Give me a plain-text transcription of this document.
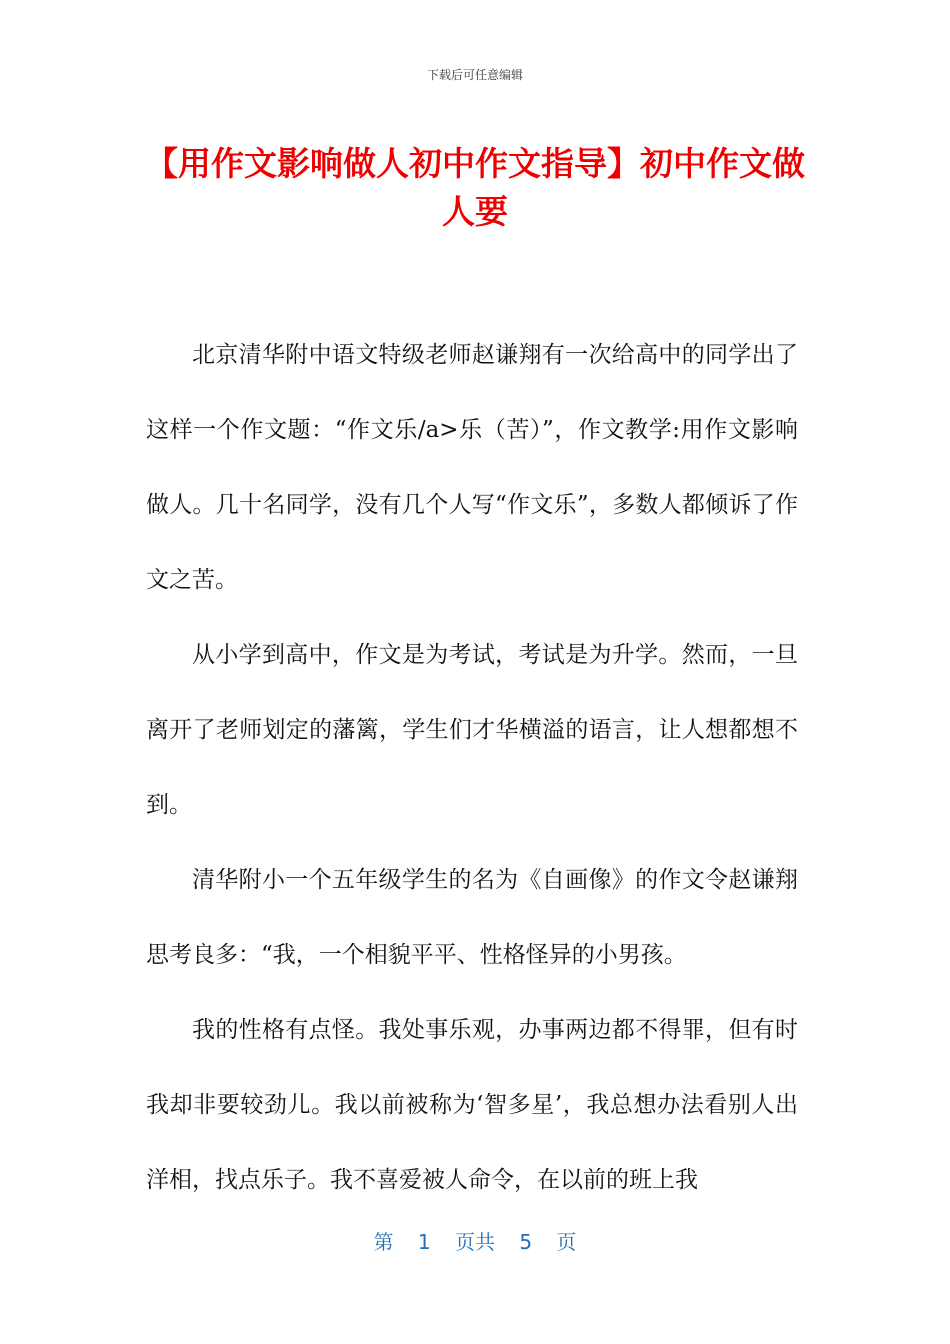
下载后可任意编辑
【用作文影响做人初中作文指导】初中作文做人要

北京清华附中语文特级老师赵谦翔有一次给高中的同学出了这样一个作文题：“作文乐/a>乐（苦）”，作文教学:用作文影响做人。几十名同学，没有几个人写“作文乐”，多数人都倾诉了作文之苦。

从小学到高中，作文是为考试，考试是为升学。然而，一旦离开了老师划定的藩篱，学生们才华横溢的语言，让人想都想不到。

清华附小一个五年级学生的名为《自画像》的作文令赵谦翔思考良多：“我，一个相貌平平、性格怪异的小男孩。

我的性格有点怪。我处事乐观，办事两边都不得罪，但有时我却非要较劲儿。我以前被称为‘智多星’，我总想办法看别人出洋相，找点乐子。我不喜爱被人命令，在以前的班上我

第 1 页共 5 页
